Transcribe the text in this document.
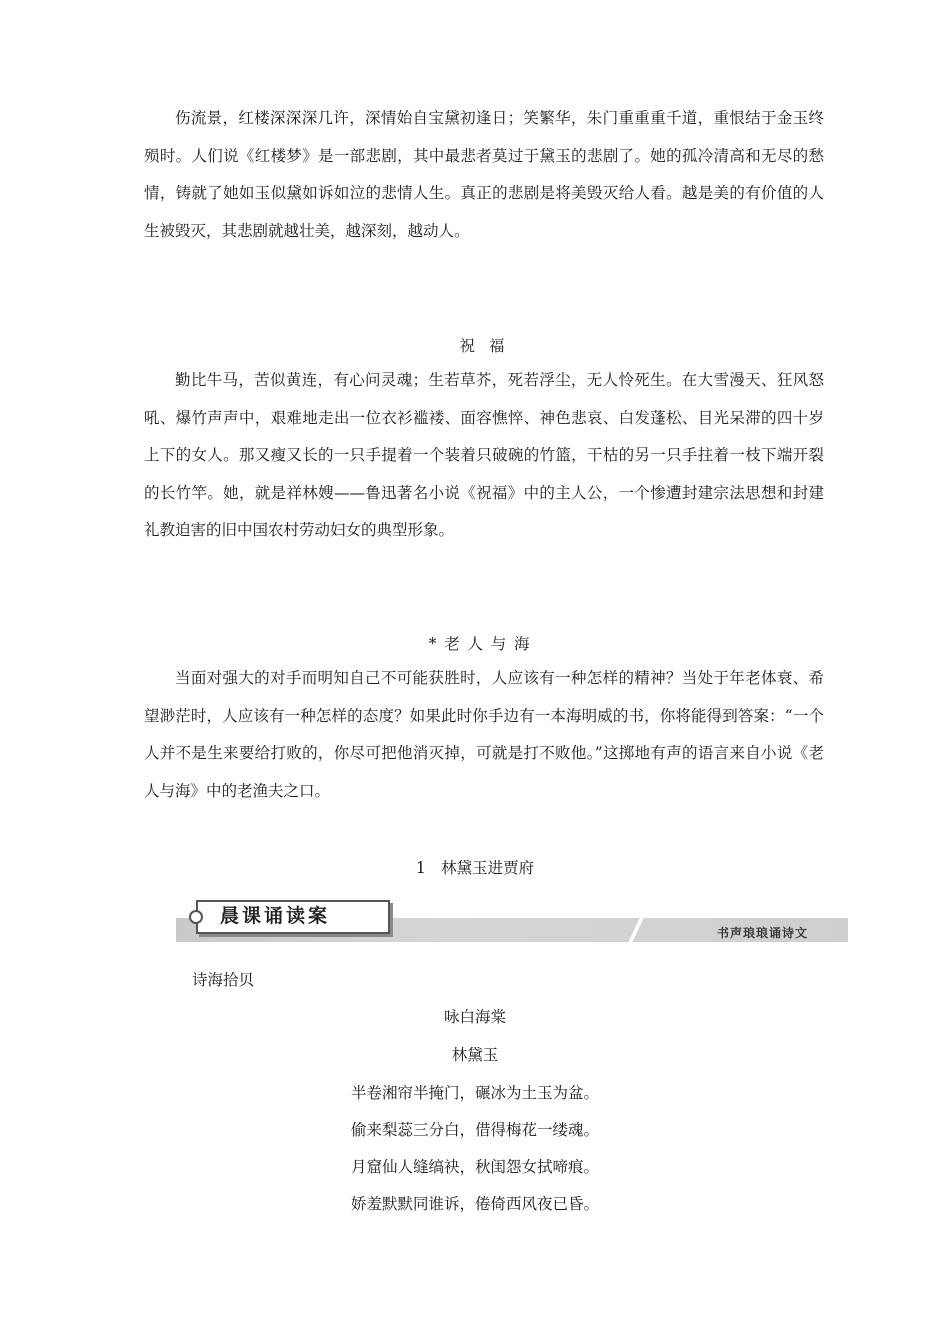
伤流景，红楼深深深几许，深情始自宝黛初逢日；笑繁华，朱门重重重千道，重恨结于金玉终殒时。人们说《红楼梦》是一部悲剧，其中最悲者莫过于黛玉的悲剧了。她的孤冷清高和无尽的愁情，铸就了她如玉似黛如诉如泣的悲情人生。真正的悲剧是将美毁灭给人看。越是美的有价值的人生被毁灭，其悲剧就越壮美，越深刻，越动人。

祝福

勤比牛马，苦似黄连，有心问灵魂；生若草芥，死若浮尘，无人怜死生。在大雪漫天、狂风怒吼、爆竹声声中，艰难地走出一位衣衫褴褛、面容憔悴、神色悲哀、白发蓬松、目光呆滞的四十岁上下的女人。那又瘦又长的一只手提着一个装着只破碗的竹篮，干枯的另一只手拄着一枝下端开裂的长竹竿。她，就是祥林嫂——鲁迅著名小说《祝福》中的主人公，一个惨遭封建宗法思想和封建礼教迫害的旧中国农村劳动妇女的典型形象。

*老人与海

当面对强大的对手而明知自己不可能获胜时，人应该有一种怎样的精神？当处于年老体衰、希望渺茫时，人应该有一种怎样的态度？如果此时你手边有一本海明威的书，你将能得到答案：“一个人并不是生来要给打败的，你尽可把他消灭掉，可就是打不败他。”这掷地有声的语言来自小说《老人与海》中的老渔夫之口。

1　林黛玉进贾府

晨课诵读案
书声琅琅诵诗文

诗海拾贝

咏白海棠

林黛玉

半卷湘帘半掩门，碾冰为土玉为盆。

偷来梨蕊三分白，借得梅花一缕魂。

月窟仙人缝缟袂，秋闺怨女拭啼痕。

娇羞默默同谁诉，倦倚西风夜已昏。
